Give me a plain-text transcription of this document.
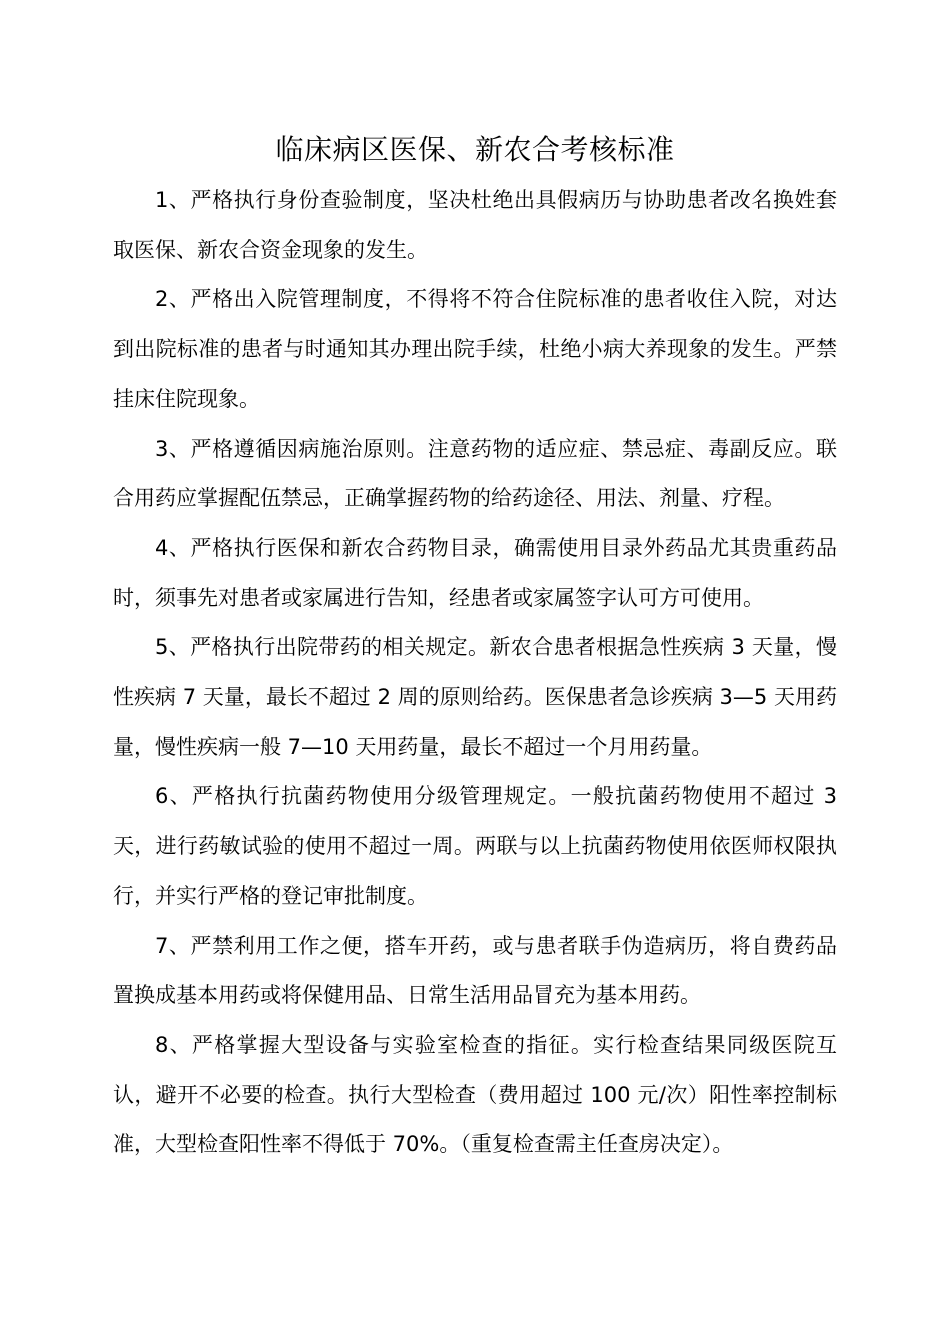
临床病区医保、新农合考核标准

1、严格执行身份查验制度，坚决杜绝出具假病历与协助患者改名换姓套取医保、新农合资金现象的发生。

2、严格出入院管理制度，不得将不符合住院标准的患者收住入院，对达到出院标准的患者与时通知其办理出院手续，杜绝小病大养现象的发生。严禁挂床住院现象。

3、严格遵循因病施治原则。注意药物的适应症、禁忌症、毒副反应。联合用药应掌握配伍禁忌，正确掌握药物的给药途径、用法、剂量、疗程。

4、严格执行医保和新农合药物目录，确需使用目录外药品尤其贵重药品时，须事先对患者或家属进行告知，经患者或家属签字认可方可使用。

5、严格执行出院带药的相关规定。新农合患者根据急性疾病 3 天量，慢性疾病 7 天量，最长不超过 2 周的原则给药。医保患者急诊疾病 3—5 天用药量，慢性疾病一般 7—10 天用药量，最长不超过一个月用药量。

6、严格执行抗菌药物使用分级管理规定。一般抗菌药物使用不超过 3 天，进行药敏试验的使用不超过一周。两联与以上抗菌药物使用依医师权限执行，并实行严格的登记审批制度。

7、严禁利用工作之便，搭车开药，或与患者联手伪造病历，将自费药品置换成基本用药或将保健用品、日常生活用品冒充为基本用药。

8、严格掌握大型设备与实验室检查的指征。实行检查结果同级医院互认，避开不必要的检查。执行大型检查（费用超过 100 元/次）阳性率控制标准，大型检查阳性率不得低于 70%。（重复检查需主任查房决定）。
